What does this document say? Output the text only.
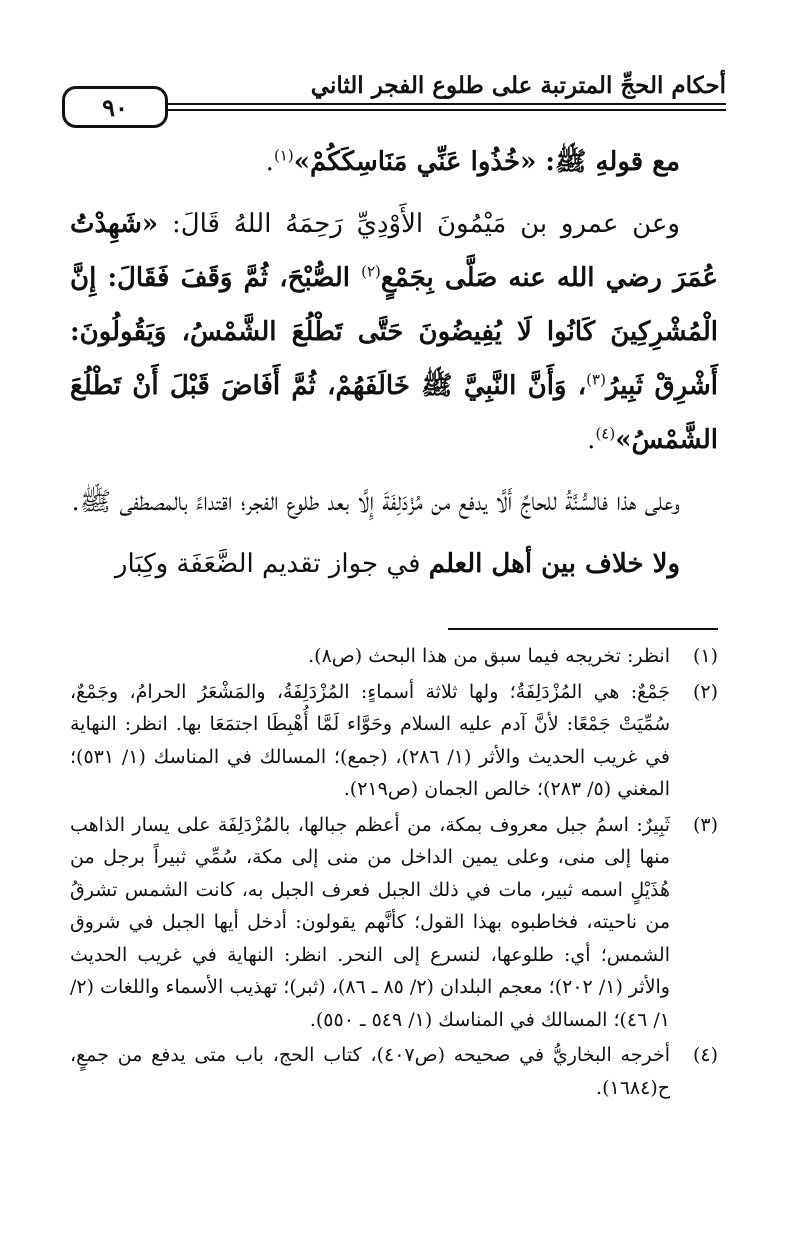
أحكام الحجِّ المترتبة على طلوع الفجر الثاني
٩٠

مع قولهِ ﷺ: «خُذُوا عَنِّي مَنَاسِكَكُمْ»$^{(١)}$.

وعن عمرو بن مَيْمُونَ الأَوْدِيِّ رَحِمَهُ اللهُ قَالَ: «شَهِدْتُ عُمَرَ رضي الله عنه صَلَّى بِجَمْعٍ$^{(٢)}$ الصُّبْحَ، ثُمَّ وَقَفَ فَقَالَ: إِنَّ الْمُشْرِكِينَ كَانُوا لَا يُفِيضُونَ حَتَّى تَطْلُعَ الشَّمْسُ، وَيَقُولُونَ: أَشْرِقْ ثَبِيرُ$^{(٣)}$، وَأَنَّ النَّبِيَّ ﷺ خَالَفَهُمْ، ثُمَّ أَفَاضَ قَبْلَ أَنْ تَطْلُعَ الشَّمْسُ»$^{(٤)}$.

وعلى هذا فالسُّنَّةُ للحاجِّ أَلَّا يدفع من مُزْدَلِفَةَ إِلَّا بعد طلوع الفجر؛ اقتداءً بالمصطفى ﷺ.

ولا خلاف بين أهل العلم في جواز تقديم الضَّعَفَة وكِبَار

(١)
انظر: تخريجه فيما سبق من هذا البحث (ص٨).
(٢)
جَمْعٌ: هي المُزْدَلِفَةُ؛ ولها ثلاثة أسماءٍ: المُزْدَلِفَةُ، والمَشْعَرُ الحرامُ، وجَمْعٌ، سُمِّيَتْ جَمْعًا: لأنَّ آدم عليه السلام وحَوَّاء لَمَّا أُهْبِطَا اجتمَعَا بها. انظر: النهاية في غريب الحديث والأثر (١/ ٢٨٦)، (جمع)؛ المسالك في المناسك (١/ ٥٣١)؛ المغني (٥/ ٢٨٣)؛ خالص الجمان (ص٢١٩).
(٣)
ثَبِيرٌ: اسمُ جبل معروف بمكة، من أعظم جبالها، بالمُزْدَلِفَة على يسار الذاهب منها إلى منى، وعلى يمين الداخل من منى إلى مكة، سُمِّي ثبيراً برجل من هُذَيْلٍ اسمه ثبير، مات في ذلك الجبل فعرف الجبل به، كانت الشمس تشرقُ من ناحيته، فخاطبوه بهذا القول؛ كأنَّهم يقولون: أدخل أيها الجبل في شروق الشمس؛ أي: طلوعها، لنسرع إلى النحر. انظر: النهاية في غريب الحديث والأثر (١/ ٢٠٢)؛ معجم البلدان (٢/ ٨٥ ـ ٨٦)، (ثبر)؛ تهذيب الأسماء واللغات (٢/ ١/ ٤٦)؛ المسالك في المناسك (١/ ٥٤٩ ـ ٥٥٠).
(٤)
أخرجه البخاريُّ في صحيحه (ص٤٠٧)، كتاب الحج، باب متى يدفع من جمعٍ، ح(١٦٨٤).
